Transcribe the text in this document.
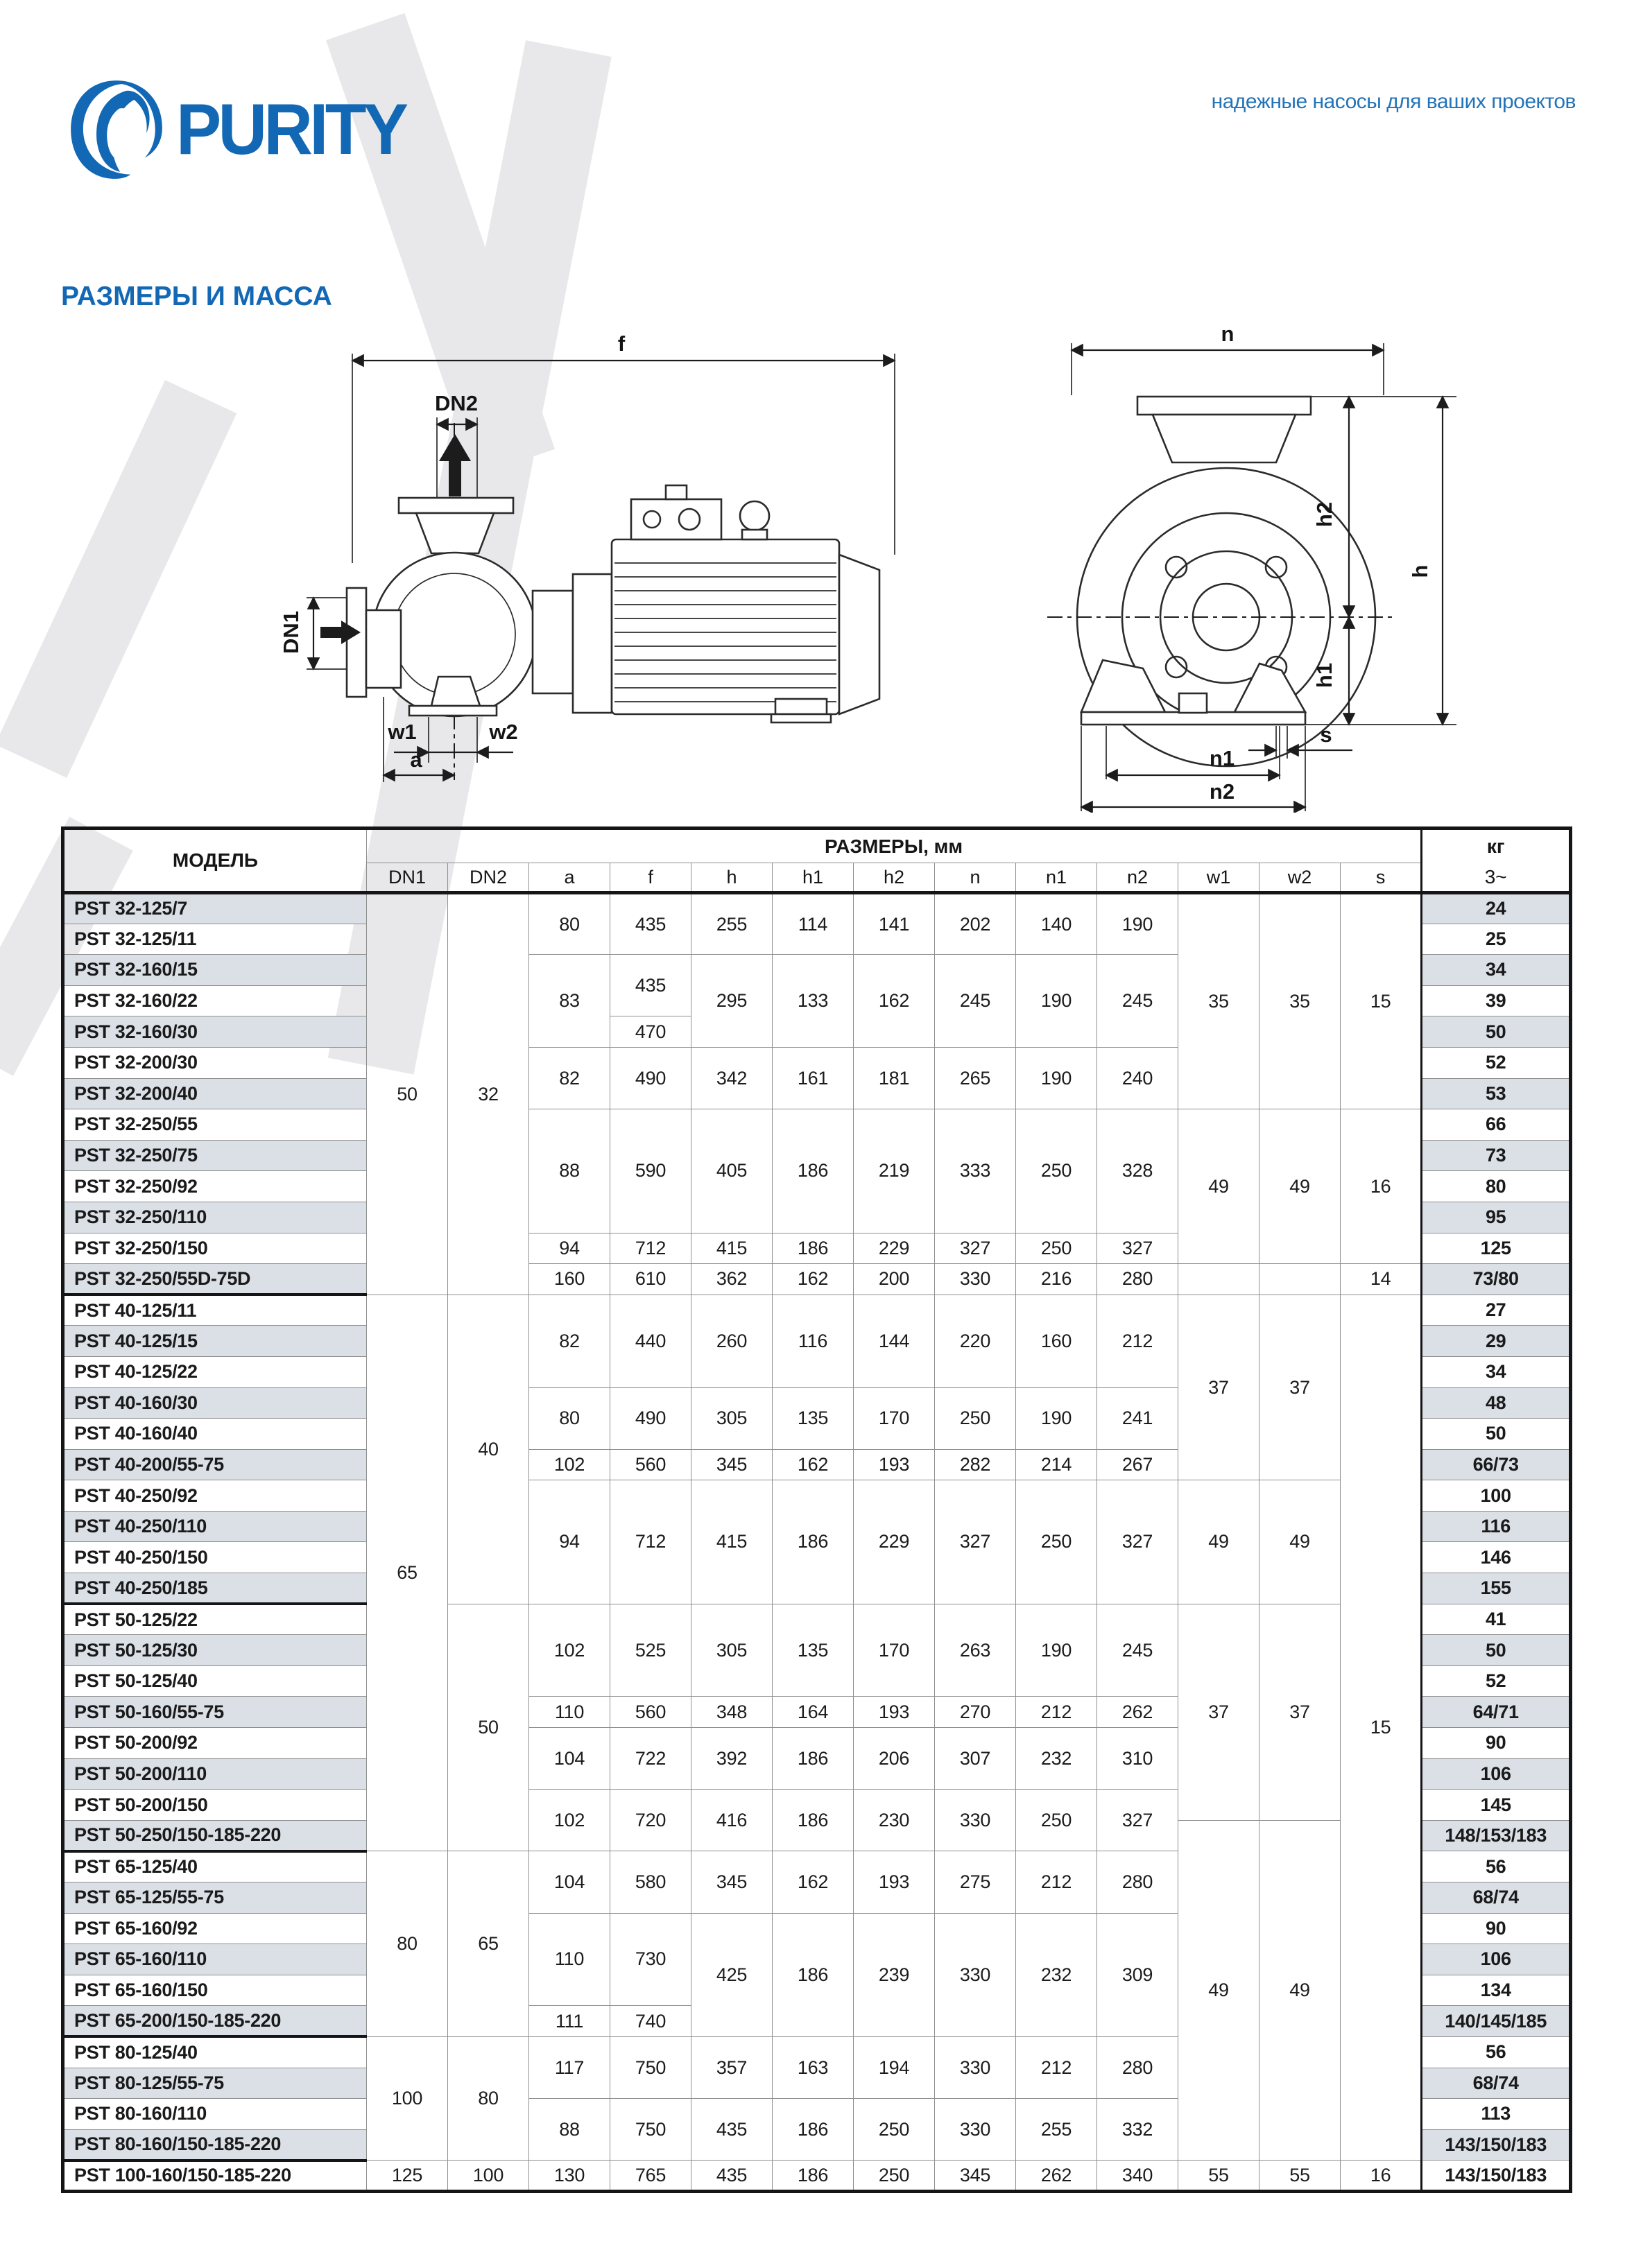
PURITY	надежные насосы для ваших проектов
РАЗМЕРЫ И МАССА
f
DN2
DN1
w1	w2
a
n
h2
h1
h
s
n1
n2
МОДЕЛЬ	РАЗМЕРЫ, мм													кг
3~

	DN1	DN2	a	f	h	h1	h2	n	n1	n2	w1	w2	s	
PST 32-125/7	50	32	80	435	255	114	141	202	140	190	35	35	15	24
PST 32-125/11														25
PST 32-160/15			83	435	295	133	162	245	190	245				34
PST 32-160/22														39
PST 32-160/30				470										50
PST 32-200/30			82	490	342	161	181	265	190	240				52
PST 32-200/40														53
PST 32-250/55			88	590	405	186	219	333	250	328	49	49	16	66
PST 32-250/75														73
PST 32-250/92														80
PST 32-250/110														95
PST 32-250/150			94	712	415	186	229	327	250	327				125
PST 32-250/55D-75D			160	610	362	162	200	330	216	280			14	73/80
PST 40-125/11	65	40	82	440	260	116	144	220	160	212	37	37	15	27
PST 40-125/15														29
PST 40-125/22														34
PST 40-160/30			80	490	305	135	170	250	190	241				48
PST 40-160/40														50
PST 40-200/55-75			102	560	345	162	193	282	214	267				66/73
PST 40-250/92			94	712	415	186	229	327	250	327	49	49		100
PST 40-250/110														116
PST 40-250/150														146
PST 40-250/185														155
PST 50-125/22		50	102	525	305	135	170	263	190	245	37	37		41
PST 50-125/30														50
PST 50-125/40														52
PST 50-160/55-75			110	560	348	164	193	270	212	262				64/71
PST 50-200/92			104	722	392	186	206	307	232	310				90
PST 50-200/110														106
PST 50-200/150			102	720	416	186	230	330	250	327				145
PST 50-250/150-185-220											49	49		148/153/183
PST 65-125/40	80	65	104	580	345	162	193	275	212	280				56
PST 65-125/55-75														68/74
PST 65-160/92			110	730	425	186	239	330	232	309				90
PST 65-160/110														106
PST 65-160/150														134
PST 65-200/150-185-220			111	740										140/145/185
PST 80-125/40	100	80	117	750	357	163	194	330	212	280				56
PST 80-125/55-75														68/74
PST 80-160/110			88	750	435	186	250	330	255	332				113
PST 80-160/150-185-220														143/150/183
PST 100-160/150-185-220	125	100	130	765	435	186	250	345	262	340	55	55	16	143/150/183
